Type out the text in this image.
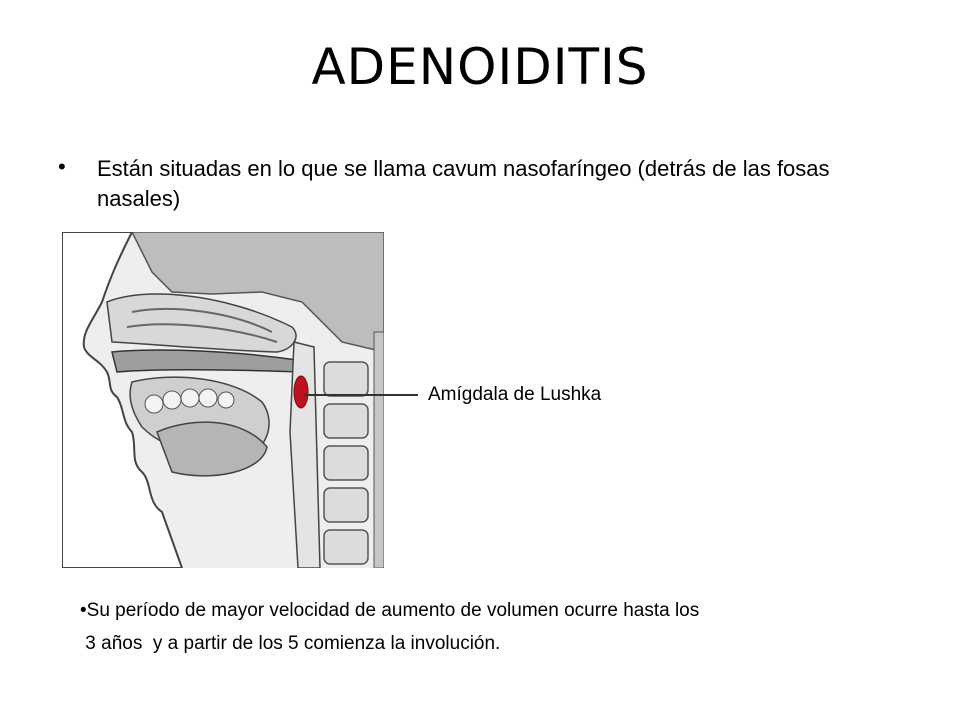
ADENOIDITIS
• Están situadas en lo que se llama cavum nasofaríngeo (detrás de las fosas nasales)
Amígdala de Lushka
•Su período de mayor velocidad de aumento de volumen ocurre hasta los
3 años  y a partir de los 5 comienza la involución.
